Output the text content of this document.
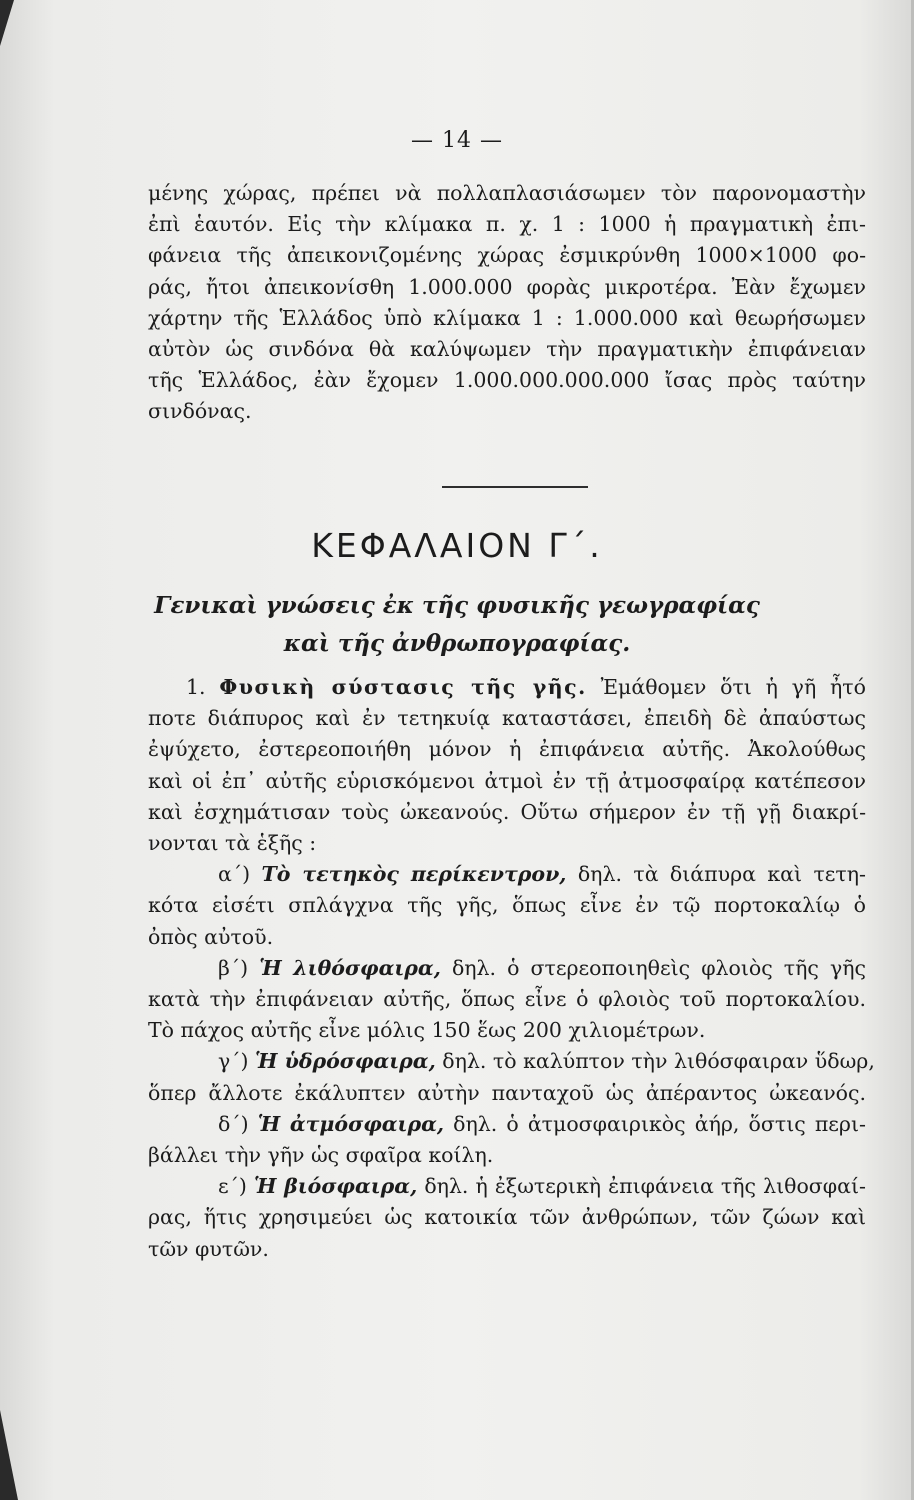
— 14 —
μένης χώρας, πρέπει νὰ πολλαπλασιάσωμεν τὸν παρονομαστὴν
ἐπὶ ἑαυτόν. Εἰς τὴν κλίμακα π. χ. 1 : 1000 ἡ πραγματικὴ ἐπι-
φάνεια τῆς ἀπεικονιζομένης χώρας ἐσμικρύνθη 1000×1000 φο-
ράς, ἤτοι ἀπεικονίσθη 1.000.000 φορὰς μικροτέρα. Ἐὰν ἔχωμεν
χάρτην τῆς Ἑλλάδος ὑπὸ κλίμακα 1 : 1.000.000 καὶ θεωρήσωμεν
αὐτὸν ὡς σινδόνα θὰ καλύψωμεν τὴν πραγματικὴν ἐπιφάνειαν
τῆς Ἑλλάδος, ἐὰν ἔχομεν 1.000.000.000.000 ἴσας πρὸς ταύτην
σινδόνας.
ΚΕΦΑΛΑΙΟΝ Γ΄.
Γενικαὶ γνώσεις ἐκ τῆς φυσικῆς γεωγραφίας
καὶ τῆς ἀνθρωπογραφίας.
1. Φυσικὴ σύστασις τῆς γῆς. Ἐμάθομεν ὅτι ἡ γῆ ἦτό
ποτε διάπυρος καὶ ἐν τετηκυίᾳ καταστάσει, ἐπειδὴ δὲ ἀπαύστως
ἐψύχετο, ἐστερεοποιήθη μόνον ἡ ἐπιφάνεια αὐτῆς. Ἀκολούθως
καὶ οἱ ἐπ᾽ αὐτῆς εὑρισκόμενοι ἀτμοὶ ἐν τῇ ἀτμοσφαίρᾳ κατέπεσον
καὶ ἐσχημάτισαν τοὺς ὠκεανούς. Οὕτω σήμερον ἐν τῇ γῇ διακρί-
νονται τὰ ἑξῆς :
α΄) Τὸ τετηκὸς περίκεντρον, δηλ. τὰ διάπυρα καὶ τετη-
κότα εἰσέτι σπλάγχνα τῆς γῆς, ὅπως εἶνε ἐν τῷ πορτοκαλίῳ ὁ
ὀπὸς αὐτοῦ.
β΄) Ἡ λιθόσφαιρα, δηλ. ὁ στερεοποιηθεὶς φλοιὸς τῆς γῆς
κατὰ τὴν ἐπιφάνειαν αὐτῆς, ὅπως εἶνε ὁ φλοιὸς τοῦ πορτοκαλίου.
Τὸ πάχος αὐτῆς εἶνε μόλις 150 ἕως 200 χιλιομέτρων.
γ΄) Ἡ ὑδρόσφαιρα, δηλ. τὸ καλύπτον τὴν λιθόσφαιραν ὕδωρ,
ὅπερ ἄλλοτε ἐκάλυπτεν αὐτὴν πανταχοῦ ὡς ἀπέραντος ὠκεανός.
δ΄) Ἡ ἀτμόσφαιρα, δηλ. ὁ ἀτμοσφαιρικὸς ἀήρ, ὅστις περι-
βάλλει τὴν γῆν ὡς σφαῖρα κοίλη.
ε΄) Ἡ βιόσφαιρα, δηλ. ἡ ἐξωτερικὴ ἐπιφάνεια τῆς λιθοσφαί-
ρας, ἥτις χρησιμεύει ὡς κατοικία τῶν ἀνθρώπων, τῶν ζώων καὶ
τῶν φυτῶν.
